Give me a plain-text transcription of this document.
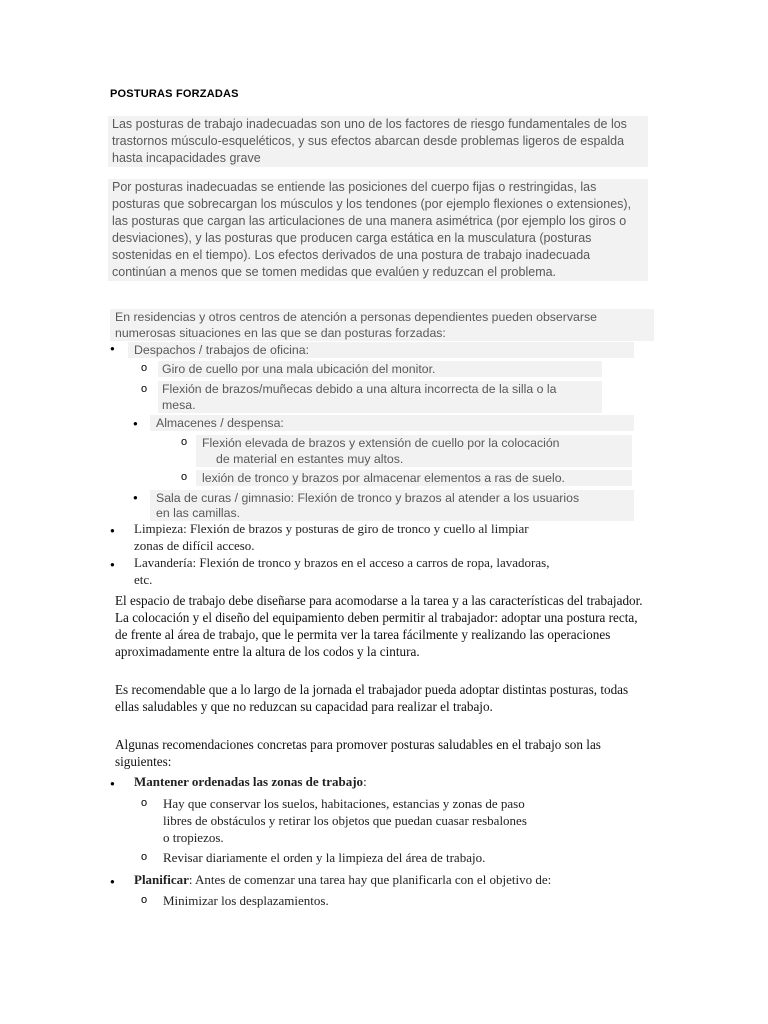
POSTURAS FORZADAS
Las posturas de trabajo inadecuadas son uno de los factores de riesgo fundamentales de los trastornos músculo-esqueléticos, y sus efectos abarcan desde problemas ligeros de espalda hasta incapacidades grave
Por posturas inadecuadas se entiende las posiciones del cuerpo fijas o restringidas, las posturas que sobrecargan los músculos y los tendones (por ejemplo flexiones o extensiones), las posturas que cargan las articulaciones de una manera asimétrica (por ejemplo los giros o desviaciones), y las posturas que producen carga estática en la musculatura (posturas sostenidas en el tiempo). Los efectos derivados de una postura de trabajo inadecuada continúan a menos que se tomen medidas que evalúen y reduzcan el problema.
En residencias y otros centros de atención a personas dependientes pueden observarse
numerosas situaciones en las que se dan posturas forzadas:
●	Despachos / trabajos de oficina:
o	Giro de cuello por una mala ubicación del monitor.
o	Flexión de brazos/muñecas debido a una altura incorrecta de la silla o la
mesa.
●	Almacenes / despensa:
o	Flexión elevada de brazos y extensión de cuello por la colocación
de material en estantes muy altos.
o	lexión de tronco y brazos por almacenar elementos a ras de suelo.
●	Sala de curas / gimnasio: Flexión de tronco y brazos al atender a los usuarios
en las camillas.
● Limpieza: Flexión de brazos y posturas de giro de tronco y cuello al limpiar
zonas de difícil acceso.
● Lavandería: Flexión de tronco y brazos en el acceso a carros de ropa, lavadoras,
etc.
El espacio de trabajo debe diseñarse para acomodarse a la tarea y a las características del trabajador. La colocación y el diseño del equipamiento deben permitir al trabajador: adoptar una postura recta, de frente al área de trabajo, que le permita ver la tarea fácilmente y realizando las operaciones aproximadamente entre la altura de los codos y la cintura.
Es recomendable que a lo largo de la jornada el trabajador pueda adoptar distintas posturas, todas ellas saludables y que no reduzcan su capacidad para realizar el trabajo.
Algunas recomendaciones concretas para promover posturas saludables en el trabajo son las siguientes:
● Mantener ordenadas las zonas de trabajo:
o Hay que conservar los suelos, habitaciones, estancias y zonas de paso
libres de obstáculos y retirar los objetos que puedan cuasar resbalones
o tropiezos.
o Revisar diariamente el orden y la limpieza del área de trabajo.
● Planificar: Antes de comenzar una tarea hay que planificarla con el objetivo de:
o Minimizar los desplazamientos.
